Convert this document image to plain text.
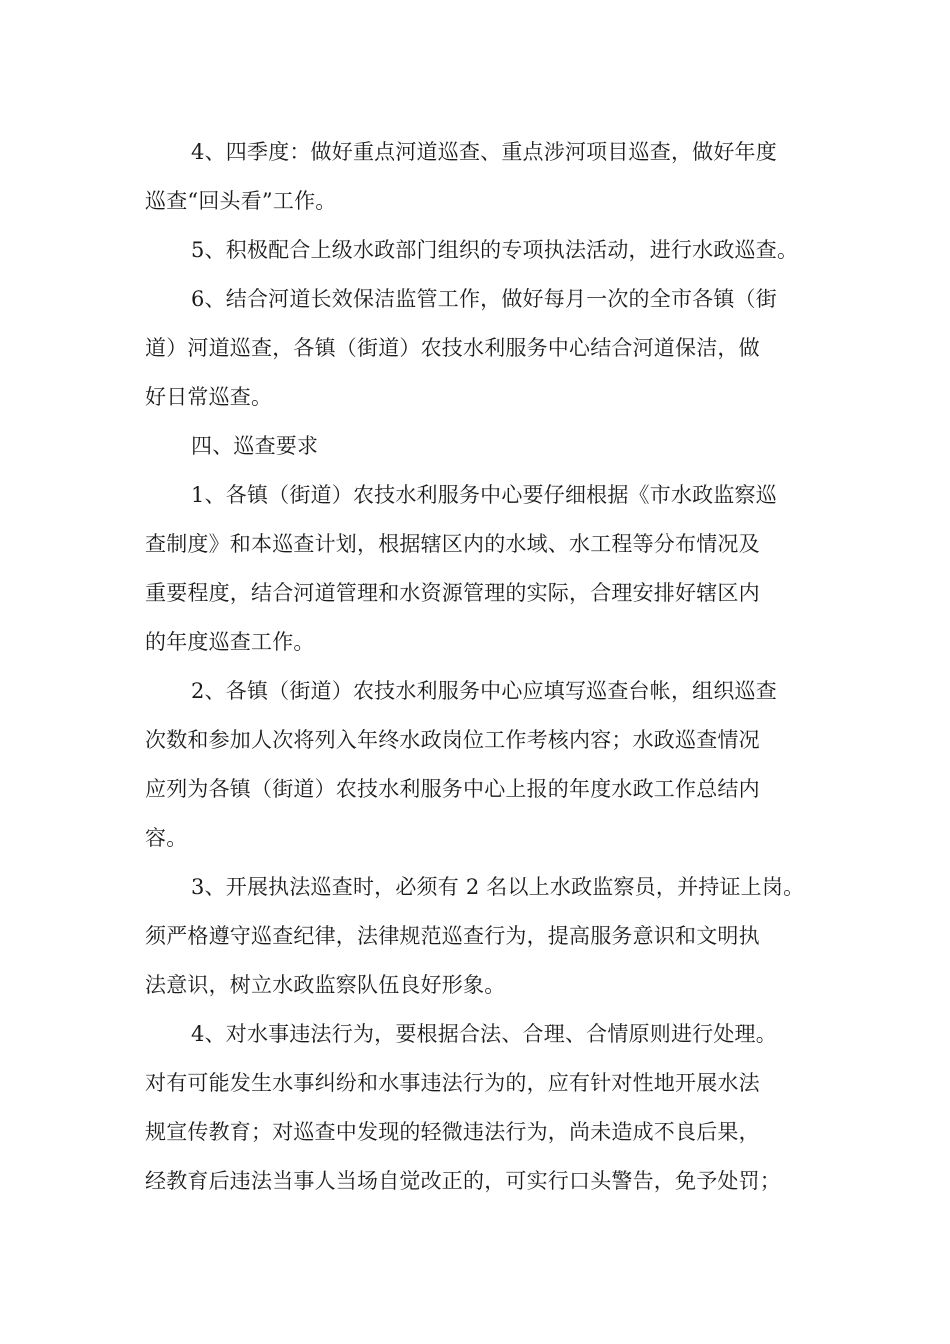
4、四季度：做好重点河道巡查、重点涉河项目巡查，做好年度
巡查“回头看”工作。

5、积极配合上级水政部门组织的专项执法活动，进行水政巡查。

6、结合河道长效保洁监管工作，做好每月一次的全市各镇（街
道）河道巡查，各镇（街道）农技水利服务中心结合河道保洁，做
好日常巡查。

四、巡查要求

1、各镇（街道）农技水利服务中心要仔细根据《市水政监察巡
查制度》和本巡查计划，根据辖区内的水域、水工程等分布情况及
重要程度，结合河道管理和水资源管理的实际，合理安排好辖区内
的年度巡查工作。

2、各镇（街道）农技水利服务中心应填写巡查台帐，组织巡查
次数和参加人次将列入年终水政岗位工作考核内容；水政巡查情况
应列为各镇（街道）农技水利服务中心上报的年度水政工作总结内
容。

3、开展执法巡查时，必须有 2 名以上水政监察员，并持证上岗。
须严格遵守巡查纪律，法律规范巡查行为，提高服务意识和文明执
法意识，树立水政监察队伍良好形象。

4、对水事违法行为，要根据合法、合理、合情原则进行处理。
对有可能发生水事纠纷和水事违法行为的，应有针对性地开展水法
规宣传教育；对巡查中发现的轻微违法行为，尚未造成不良后果，
经教育后违法当事人当场自觉改正的，可实行口头警告，免予处罚；
